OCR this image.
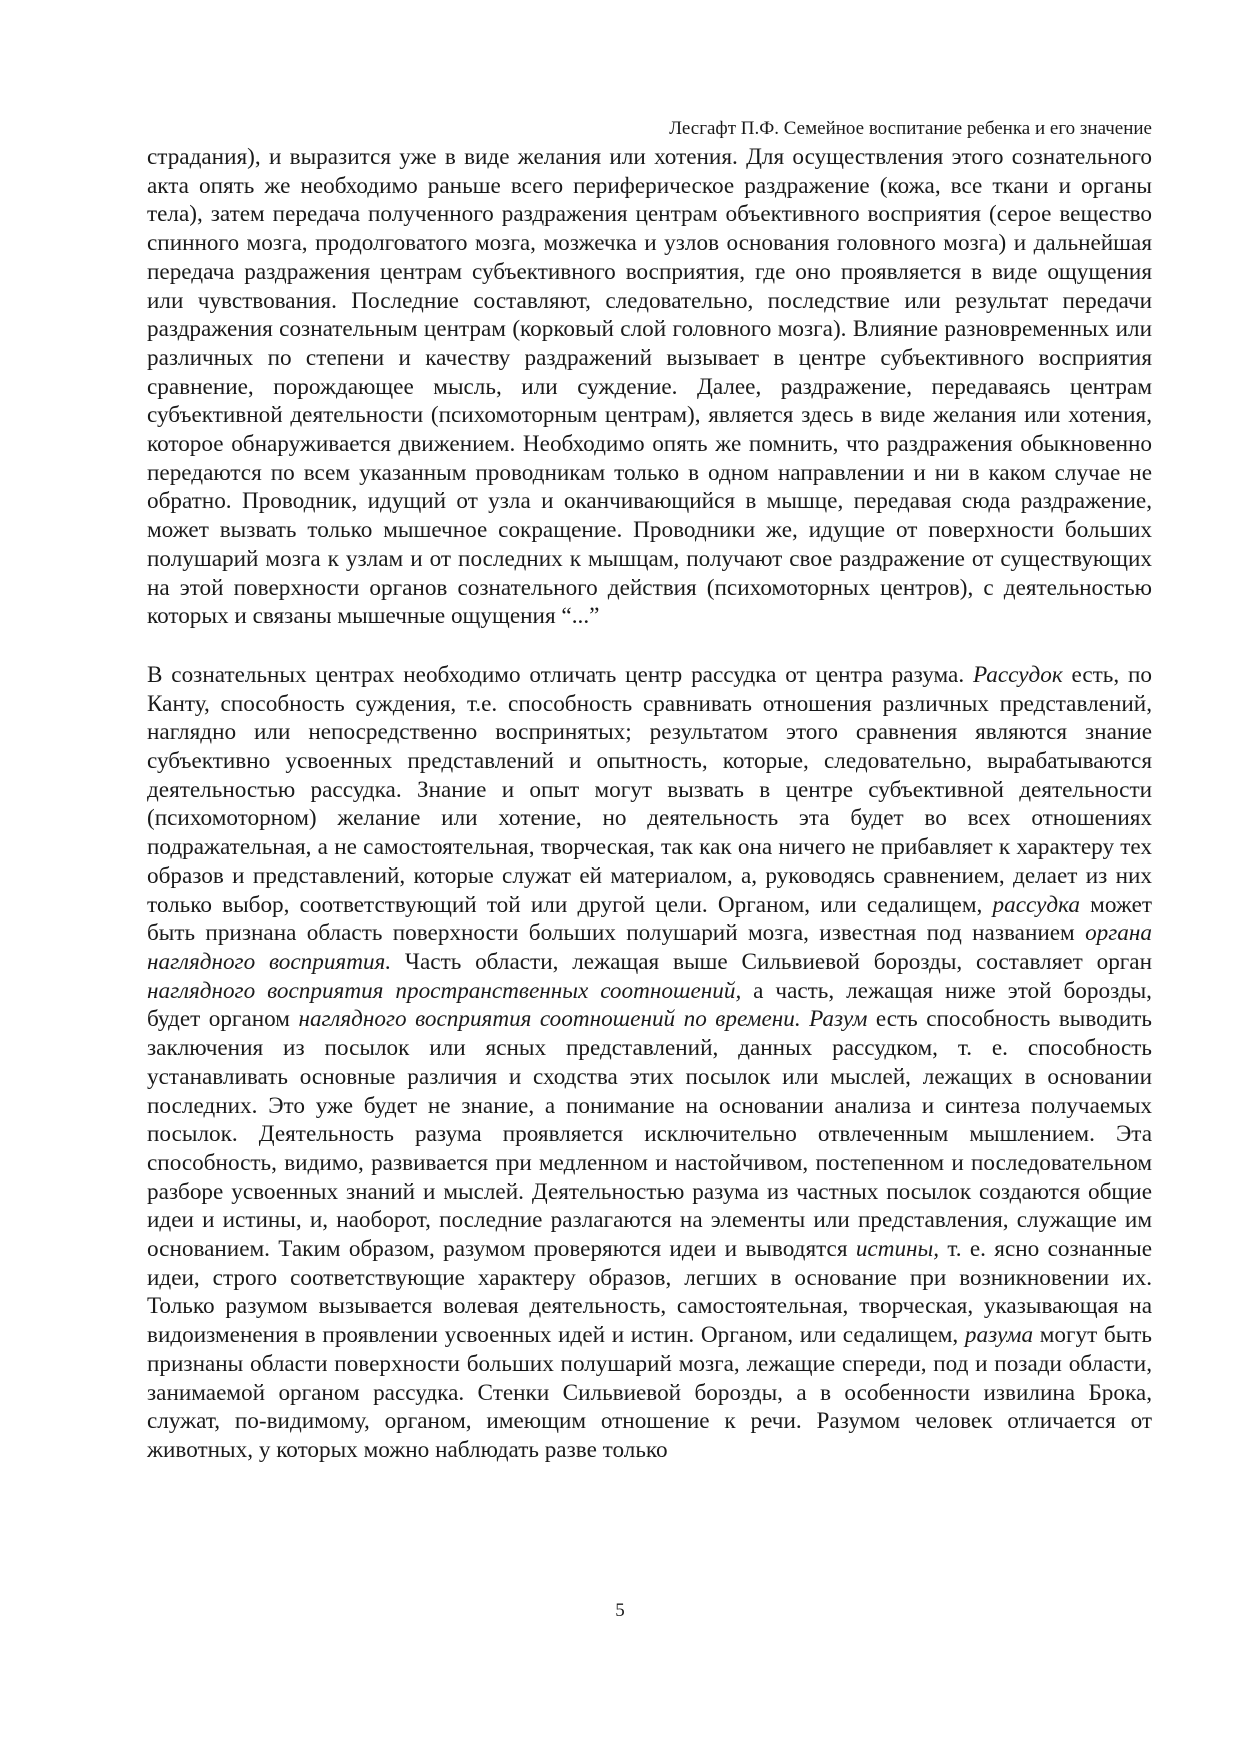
Лесгафт П.Ф. Семейное воспитание ребенка и его значение

страдания), и выразится уже в виде желания или хотения. Для осуществления этого сознательного акта опять же необходимо раньше всего периферическое раздражение (кожа, все ткани и органы тела), затем передача полученного раздражения центрам объективного восприятия (серое вещество спинного мозга, продолговатого мозга, мозжечка и узлов основания головного мозга) и дальнейшая передача раздражения центрам субъективного восприятия, где оно проявляется в виде ощущения или чувствования. Последние составляют, следовательно, последствие или результат передачи раздражения сознательным центрам (корковый слой головного мозга). Влияние разновременных или различных по степени и качеству раздражений вызывает в центре субъективного восприятия сравнение, порождающее мысль, или суждение. Далее, раздражение, передаваясь центрам субъективной деятельности (психомоторным центрам), является здесь в виде желания или хотения, которое обнаруживается движением. Необходимо опять же помнить, что раздражения обыкновенно передаются по всем указанным проводникам только в одном направлении и ни в каком случае не обратно. Проводник, идущий от узла и оканчивающийся в мышце, передавая сюда раздражение, может вызвать только мышечное сокращение. Проводники же, идущие от поверхности больших полушарий мозга к узлам и от последних к мышцам, получают свое раздражение от существующих на этой поверхности органов сознательного действия (психомоторных центров), с деятельностью которых и связаны мышечные ощущения “...”

В сознательных центрах необходимо отличать центр рассудка от центра разума. Рассудок есть, по Канту, способность суждения, т.е. способность сравнивать отношения различных представлений, наглядно или непосредственно воспринятых; результатом этого сравнения являются знание субъективно усвоенных представлений и опытность, которые, следовательно, вырабатываются деятельностью рассудка. Знание и опыт могут вызвать в центре субъективной деятельности (психомоторном) желание или хотение, но деятельность эта будет во всех отношениях подражательная, а не самостоятельная, творческая, так как она ничего не прибавляет к характеру тех образов и представлений, которые служат ей материалом, а, руководясь сравнением, делает из них только выбор, соответствующий той или другой цели. Органом, или седалищем, рассудка может быть признана область поверхности больших полушарий мозга, известная под названием органа наглядного восприятия. Часть области, лежащая выше Сильвиевой борозды, составляет орган наглядного восприятия пространственных соотношений, а часть, лежащая ниже этой борозды, будет органом наглядного восприятия соотношений по времени. Разум есть способность выводить заключения из посылок или ясных представлений, данных рассудком, т. е. способность устанавливать основные различия и сходства этих посылок или мыслей, лежащих в основании последних. Это уже будет не знание, а понимание на основании анализа и синтеза получаемых посылок. Деятельность разума проявляется исключительно отвлеченным мышлением. Эта способность, видимо, развивается при медленном и настойчивом, постепенном и последовательном разборе усвоенных знаний и мыслей. Деятельностью разума из частных посылок создаются общие идеи и истины, и, наоборот, последние разлагаются на элементы или представления, служащие им основанием. Таким образом, разумом проверяются идеи и выводятся истины, т. е. ясно сознанные идеи, строго соответствующие характеру образов, легших в основание при возникновении их. Только разумом вызывается волевая деятельность, самостоятельная, творческая, указывающая на видоизменения в проявлении усвоенных идей и истин. Органом, или седалищем, разума могут быть признаны области поверхности больших полушарий мозга, лежащие спереди, под и позади области, занимаемой органом рассудка. Стенки Сильвиевой борозды, а в особенности извилина Брока, служат, по-видимому, органом, имеющим отношение к речи. Разумом человек отличается от животных, у которых можно наблюдать разве только

5
